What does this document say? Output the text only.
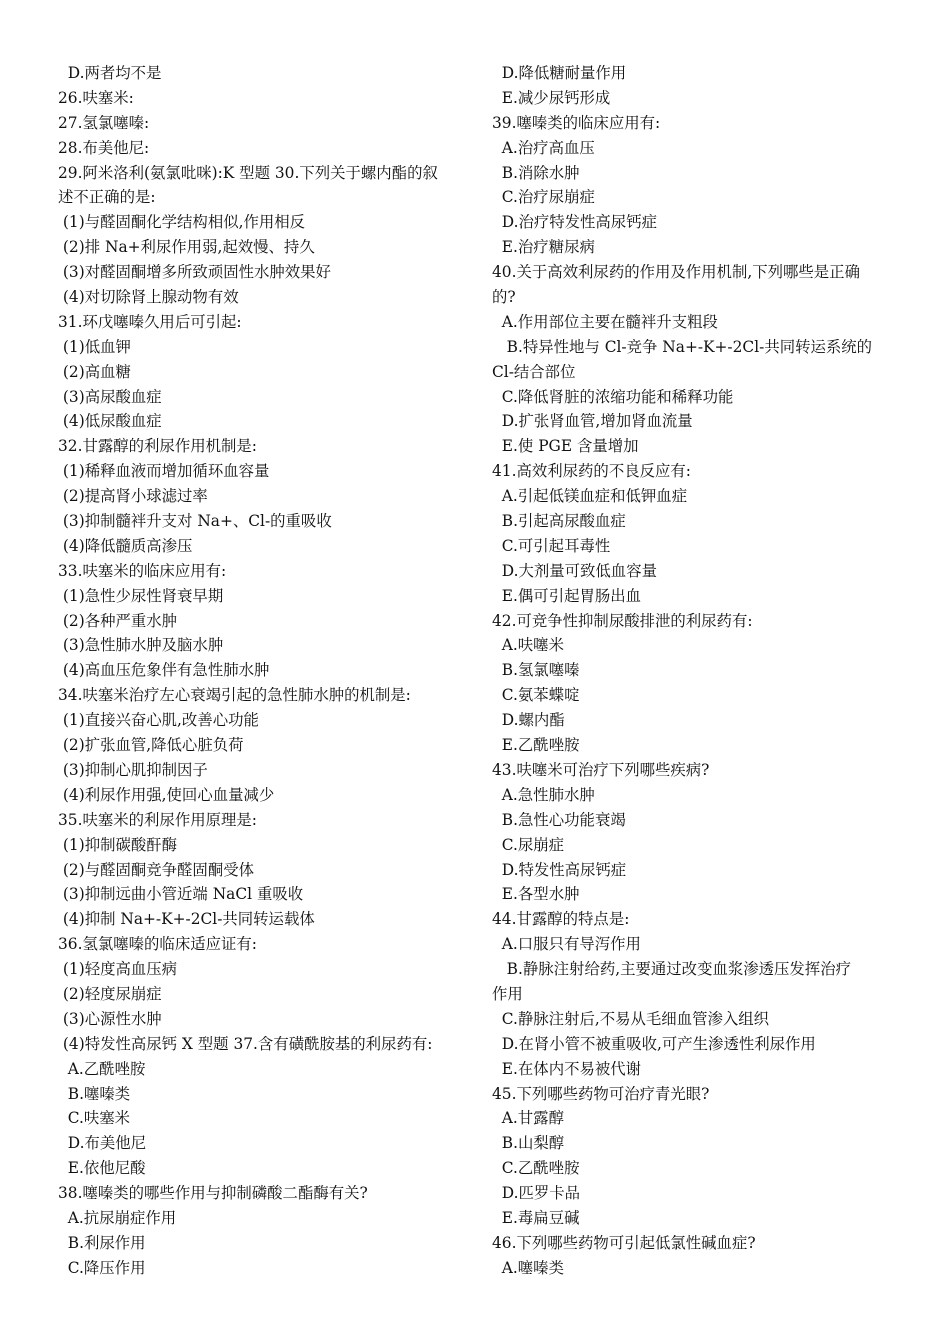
D.两者均不是
26.呋塞米:
27.氢氯噻嗪:
28.布美他尼:
29.阿米洛利(氨氯吡咪):K 型题 30.下列关于螺内酯的叙
述不正确的是:
(1)与醛固酮化学结构相似,作用相反
(2)排 Na+利尿作用弱,起效慢、持久
(3)对醛固酮增多所致顽固性水肿效果好
(4)对切除肾上腺动物有效
31.环戊噻嗪久用后可引起:
(1)低血钾
(2)高血糖
(3)高尿酸血症
(4)低尿酸血症
32.甘露醇的利尿作用机制是:
(1)稀释血液而增加循环血容量
(2)提高肾小球滤过率
(3)抑制髓袢升支对 Na+、Cl-的重吸收
(4)降低髓质高渗压
33.呋塞米的临床应用有:
(1)急性少尿性肾衰早期
(2)各种严重水肿
(3)急性肺水肿及脑水肿
(4)高血压危象伴有急性肺水肿
34.呋塞米治疗左心衰竭引起的急性肺水肿的机制是:
(1)直接兴奋心肌,改善心功能
(2)扩张血管,降低心脏负荷
(3)抑制心肌抑制因子
(4)利尿作用强,使回心血量减少
35.呋塞米的利尿作用原理是:
(1)抑制碳酸酐酶
(2)与醛固酮竞争醛固酮受体
(3)抑制远曲小管近端 NaCl 重吸收
(4)抑制 Na+-K+-2Cl-共同转运载体
36.氢氯噻嗪的临床适应证有:
(1)轻度高血压病
(2)轻度尿崩症
(3)心源性水肿
(4)特发性高尿钙 X 型题 37.含有磺酰胺基的利尿药有:
A.乙酰唑胺
B.噻嗪类
C.呋塞米
D.布美他尼
E.依他尼酸
38.噻嗪类的哪些作用与抑制磷酸二酯酶有关?
A.抗尿崩症作用
B.利尿作用
C.降压作用
D.降低糖耐量作用
E.减少尿钙形成
39.噻嗪类的临床应用有:
A.治疗高血压
B.消除水肿
C.治疗尿崩症
D.治疗特发性高尿钙症
E.治疗糖尿病
40.关于高效利尿药的作用及作用机制,下列哪些是正确
的?
A.作用部位主要在髓袢升支粗段
B.特异性地与 Cl-竞争 Na+-K+-2Cl-共同转运系统的
Cl-结合部位
C.降低肾脏的浓缩功能和稀释功能
D.扩张肾血管,增加肾血流量
E.使 PGE 含量增加
41.高效利尿药的不良反应有:
A.引起低镁血症和低钾血症
B.引起高尿酸血症
C.可引起耳毒性
D.大剂量可致低血容量
E.偶可引起胃肠出血
42.可竞争性抑制尿酸排泄的利尿药有:
A.呋噻米
B.氢氯噻嗪
C.氨苯蝶啶
D.螺内酯
E.乙酰唑胺
43.呋噻米可治疗下列哪些疾病?
A.急性肺水肿
B.急性心功能衰竭
C.尿崩症
D.特发性高尿钙症
E.各型水肿
44.甘露醇的特点是:
A.口服只有导泻作用
B.静脉注射给药,主要通过改变血浆渗透压发挥治疗
作用
C.静脉注射后,不易从毛细血管渗入组织
D.在肾小管不被重吸收,可产生渗透性利尿作用
E.在体内不易被代谢
45.下列哪些药物可治疗青光眼?
A.甘露醇
B.山梨醇
C.乙酰唑胺
D.匹罗卡品
E.毒扁豆碱
46.下列哪些药物可引起低氯性碱血症?
A.噻嗪类
